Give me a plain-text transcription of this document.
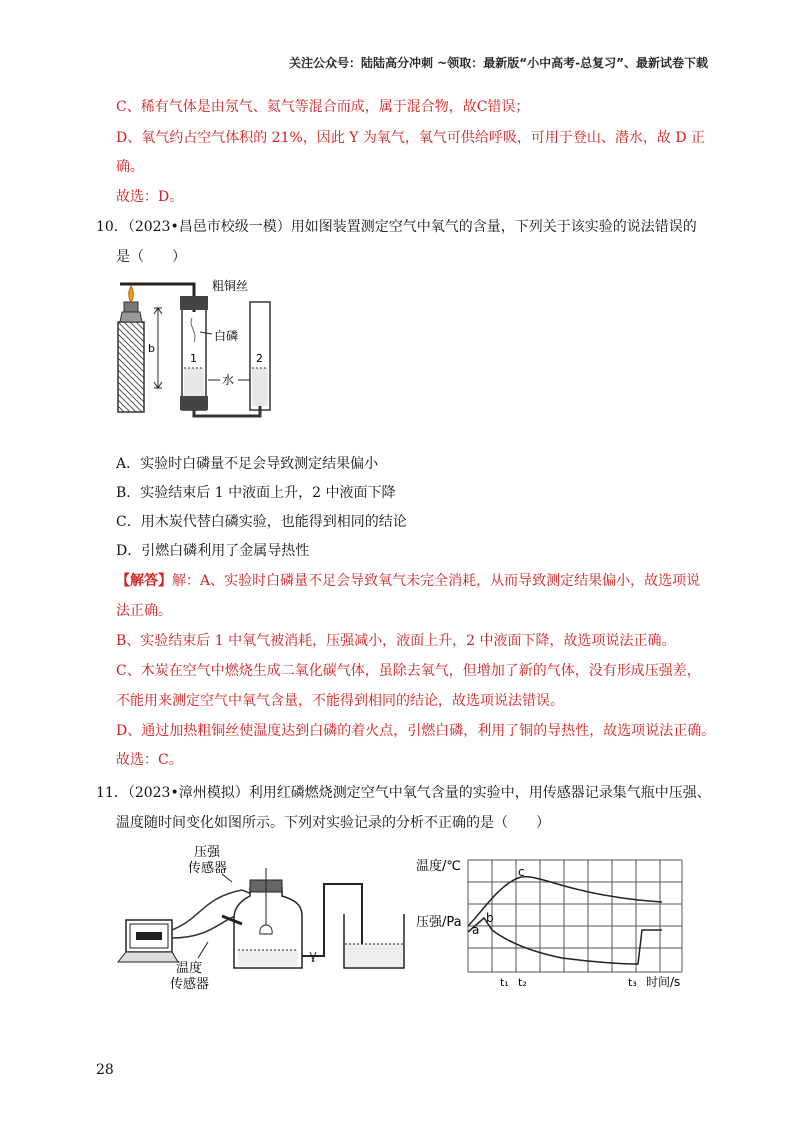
关注公众号：陆陆高分冲刺 ~领取：最新版“小中高考-总复习”、最新试卷下载
C、稀有气体是由氖气、氦气等混合而成，属于混合物，故C错误；
D、氧气约占空气体积的 21%，因此 Y 为氧气，氧气可供给呼吸，可用于登山、潜水，故 D 正
确。
故选：D。
10．（2023•昌邑市校级一模）用如图装置测定空气中氧气的含量，下列关于该实验的说法错误的
是（　　）
1	2
b
粗铜丝
白磷
水
A．实验时白磷量不足会导致测定结果偏小
B．实验结束后 1 中液面上升，2 中液面下降
C．用木炭代替白磷实验，也能得到相同的结论
D．引燃白磷利用了金属导热性
【解答】解：A、实验时白磷量不足会导致氧气未完全消耗，从而导致测定结果偏小，故选项说
法正确。
B、实验结束后 1 中氧气被消耗，压强减小，液面上升，2 中液面下降，故选项说法正确。
C、木炭在空气中燃烧生成二氧化碳气体，虽除去氧气，但增加了新的气体，没有形成压强差，
不能用来测定空气中氧气含量，不能得到相同的结论，故选项说法错误。
D、通过加热粗铜丝使温度达到白磷的着火点，引燃白磷，利用了铜的导热性，故选项说法正确。
故选：C。
11．（2023•漳州模拟）利用红磷燃烧测定空气中氧气含量的实验中，用传感器记录集气瓶中压强、
温度随时间变化如图所示。下列对实验记录的分析不正确的是（　　）
压强
传感器
温度
传感器
温度/℃
压强/Pa a
b
c
t₁ t₂	t₃ 时间/s
28
